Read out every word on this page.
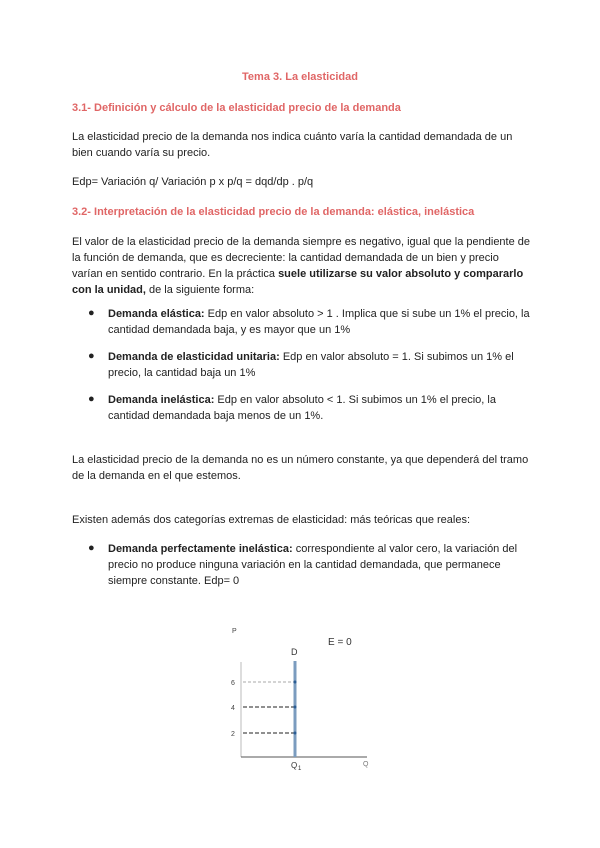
Tema 3. La elasticidad
3.1- Definición y cálculo de la elasticidad precio de la demanda
La elasticidad precio de la demanda nos indica cuánto varía la cantidad demandada de un bien cuando varía su precio.
Edp= Variación q/ Variación p x p/q = dqd/dp . p/q
3.2- Interpretación de la elasticidad precio de la demanda: elástica, inelástica
El valor de la elasticidad precio de la demanda siempre es negativo, igual que la pendiente de la función de demanda, que es decreciente: la cantidad demandada de un bien y precio varían en sentido contrario. En la práctica suele utilizarse su valor absoluto y compararlo con la unidad, de la siguiente forma:
● Demanda elástica: Edp en valor absoluto > 1 . Implica que si sube un 1% el precio, la cantidad demandada baja, y es mayor que un 1%
● Demanda de elasticidad unitaria: Edp en valor absoluto = 1. Si subimos un 1% el precio, la cantidad baja un 1%
● Demanda inelástica: Edp en valor absoluto < 1. Si subimos un 1% el precio, la cantidad demandada baja menos de un 1%.
La elasticidad precio de la demanda no es un número constante, ya que dependerá del tramo de la demanda en el que estemos.
Existen además dos categorías extremas de elasticidad: más teóricas que reales:
● Demanda perfectamente inelástica: correspondiente al valor cero, la variación del precio no produce ninguna variación en la cantidad demandada, que permanece siempre constante. Edp= 0
P
E = 0
D
6
4
2
Q 1
Q
